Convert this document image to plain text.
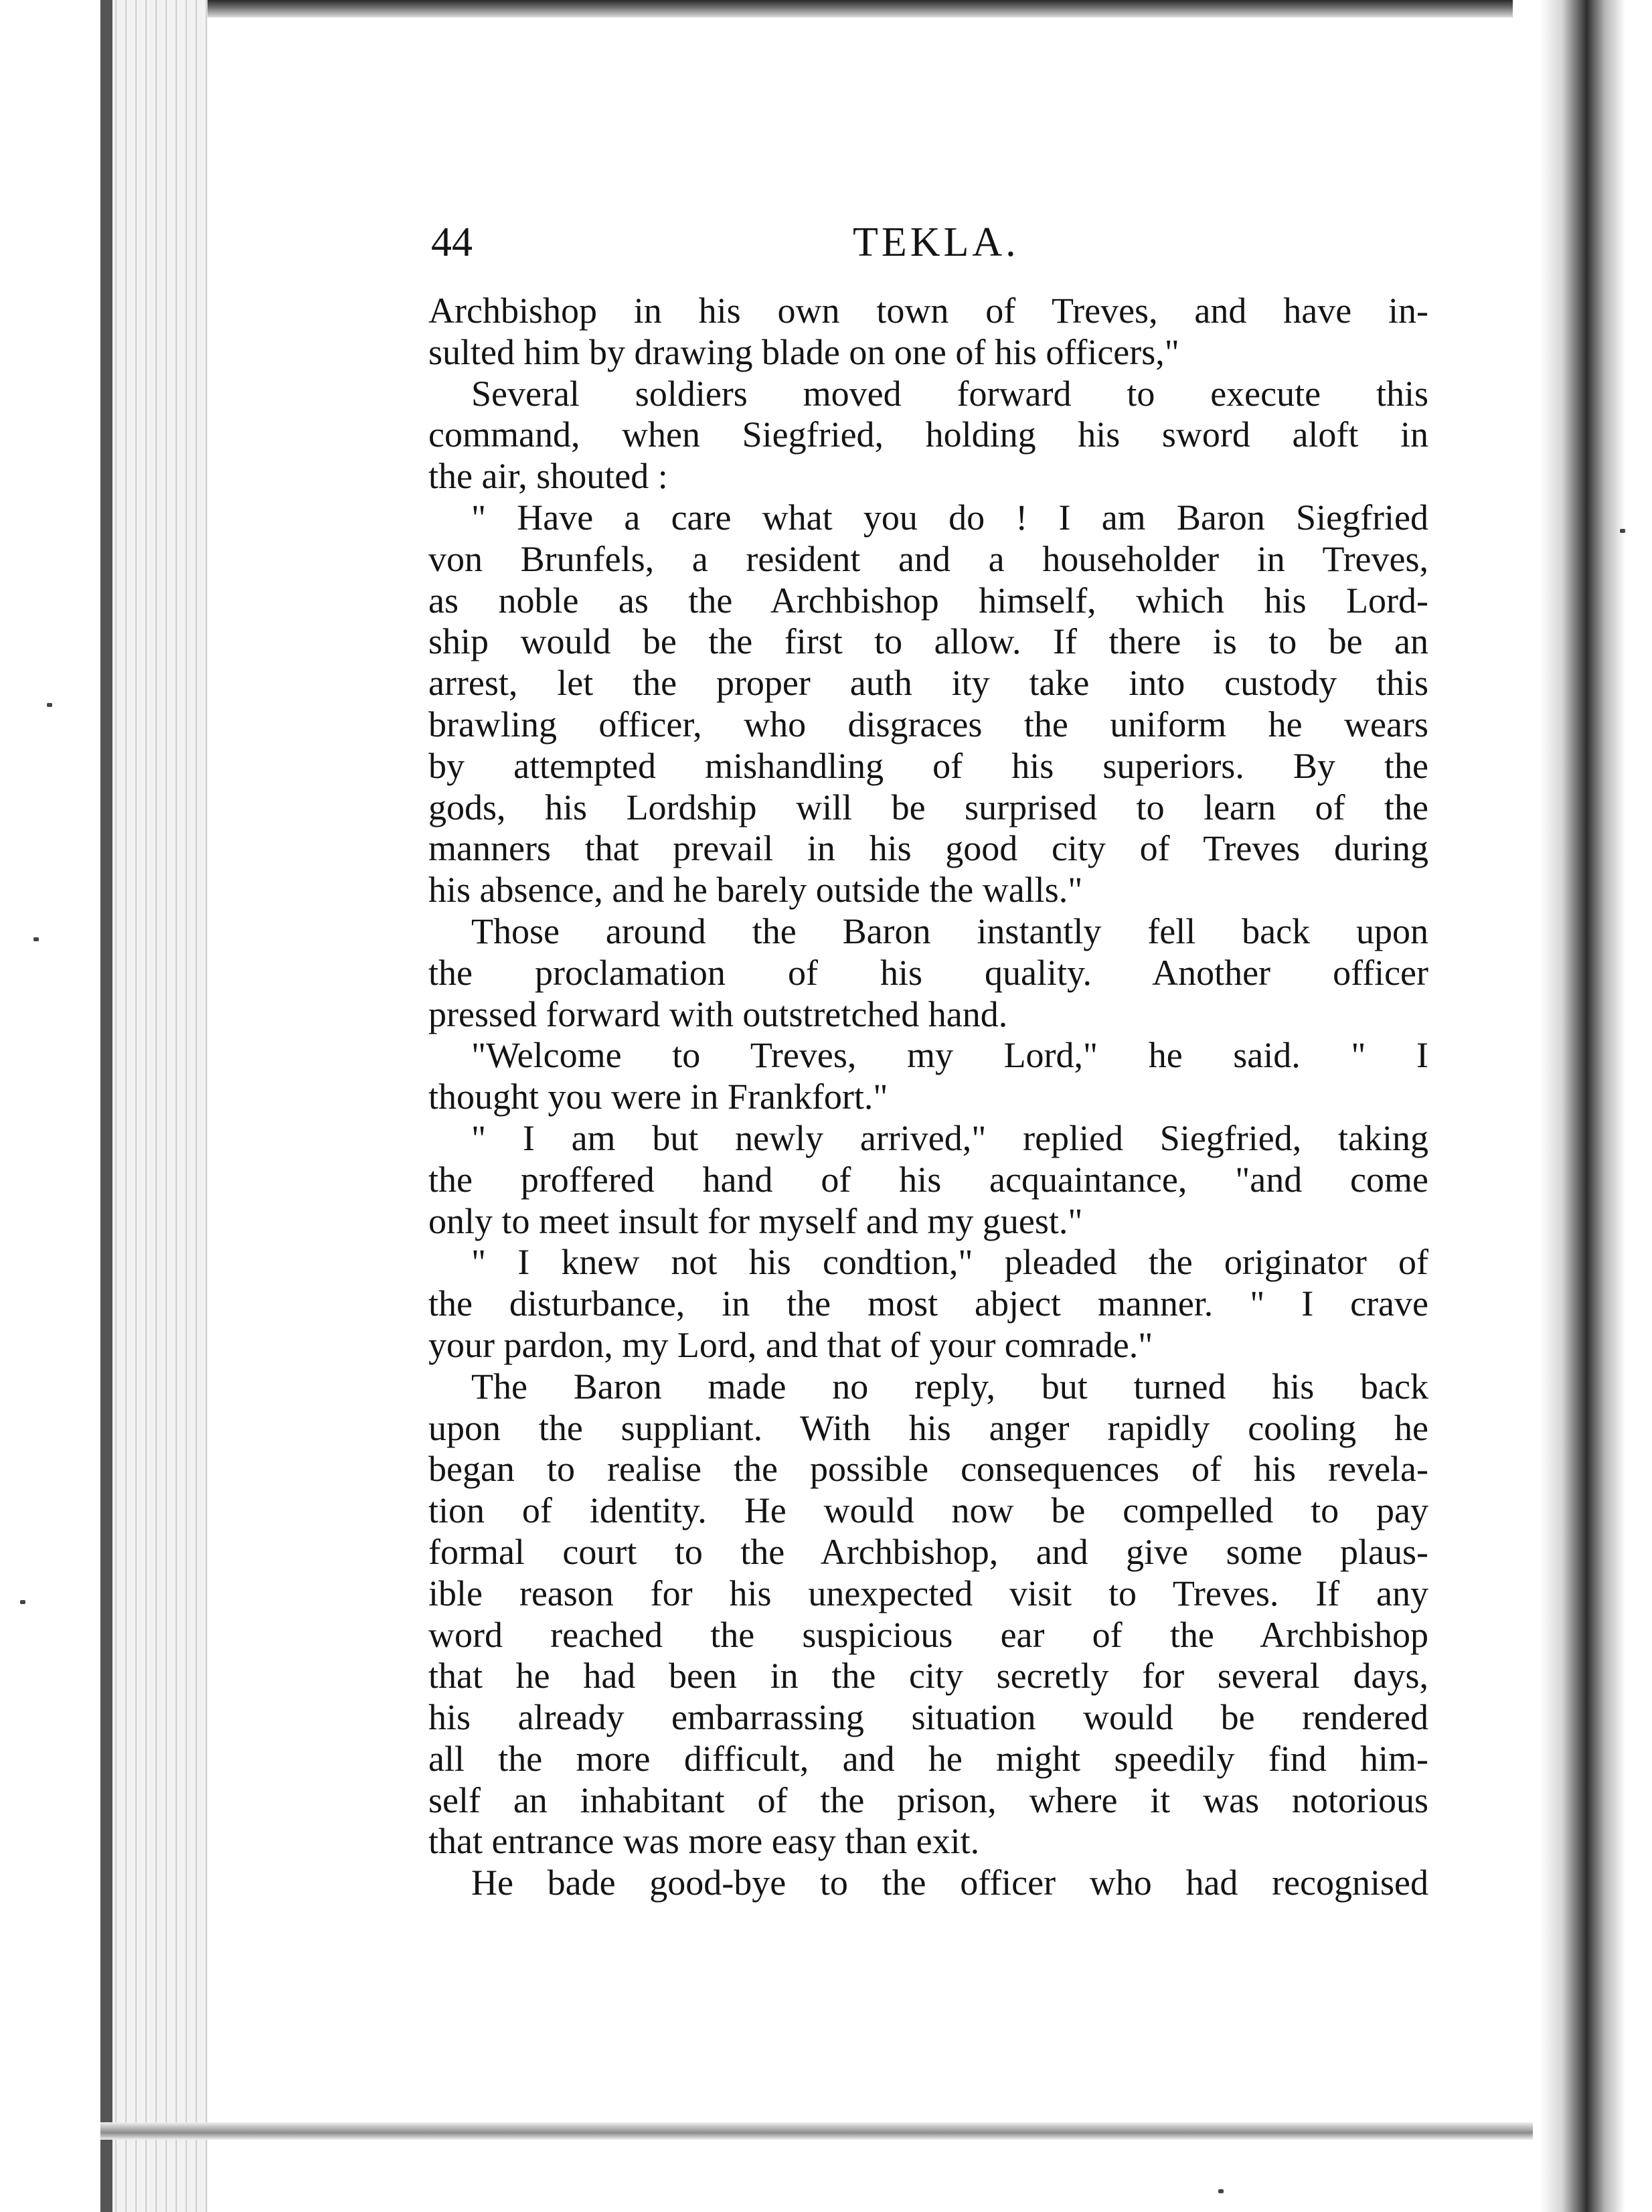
44	TEKLA.
Archbishop in his own town of Treves, and have in-
sulted him by drawing blade on one of his officers,"
Several soldiers moved forward to execute this
command, when Siegfried, holding his sword aloft in
the air, shouted :
" Have a care what you do ! I am Baron Siegfried
von Brunfels, a resident and a householder in Treves,
as noble as the Archbishop himself, which his Lord-
ship would be the first to allow. If there is to be an
arrest, let the proper auth ity take into custody this
brawling officer, who disgraces the uniform he wears
by attempted mishandling of his superiors. By the
gods, his Lordship will be surprised to learn of the
manners that prevail in his good city of Treves during
his absence, and he barely outside the walls."
Those around the Baron instantly fell back upon
the proclamation of his quality. Another officer
pressed forward with outstretched hand.
"Welcome to Treves, my Lord," he said. " I
thought you were in Frankfort."
" I am but newly arrived," replied Siegfried, taking
the proffered hand of his acquaintance, "and come
only to meet insult for myself and my guest."
" I knew not his condtion," pleaded the originator of
the disturbance, in the most abject manner. " I crave
your pardon, my Lord, and that of your comrade."
The Baron made no reply, but turned his back
upon the suppliant. With his anger rapidly cooling he
began to realise the possible consequences of his revela-
tion of identity. He would now be compelled to pay
formal court to the Archbishop, and give some plaus-
ible reason for his unexpected visit to Treves. If any
word reached the suspicious ear of the Archbishop
that he had been in the city secretly for several days,
his already embarrassing situation would be rendered
all the more difficult, and he might speedily find him-
self an inhabitant of the prison, where it was notorious
that entrance was more easy than exit.
He bade good-bye to the officer who had recognised
